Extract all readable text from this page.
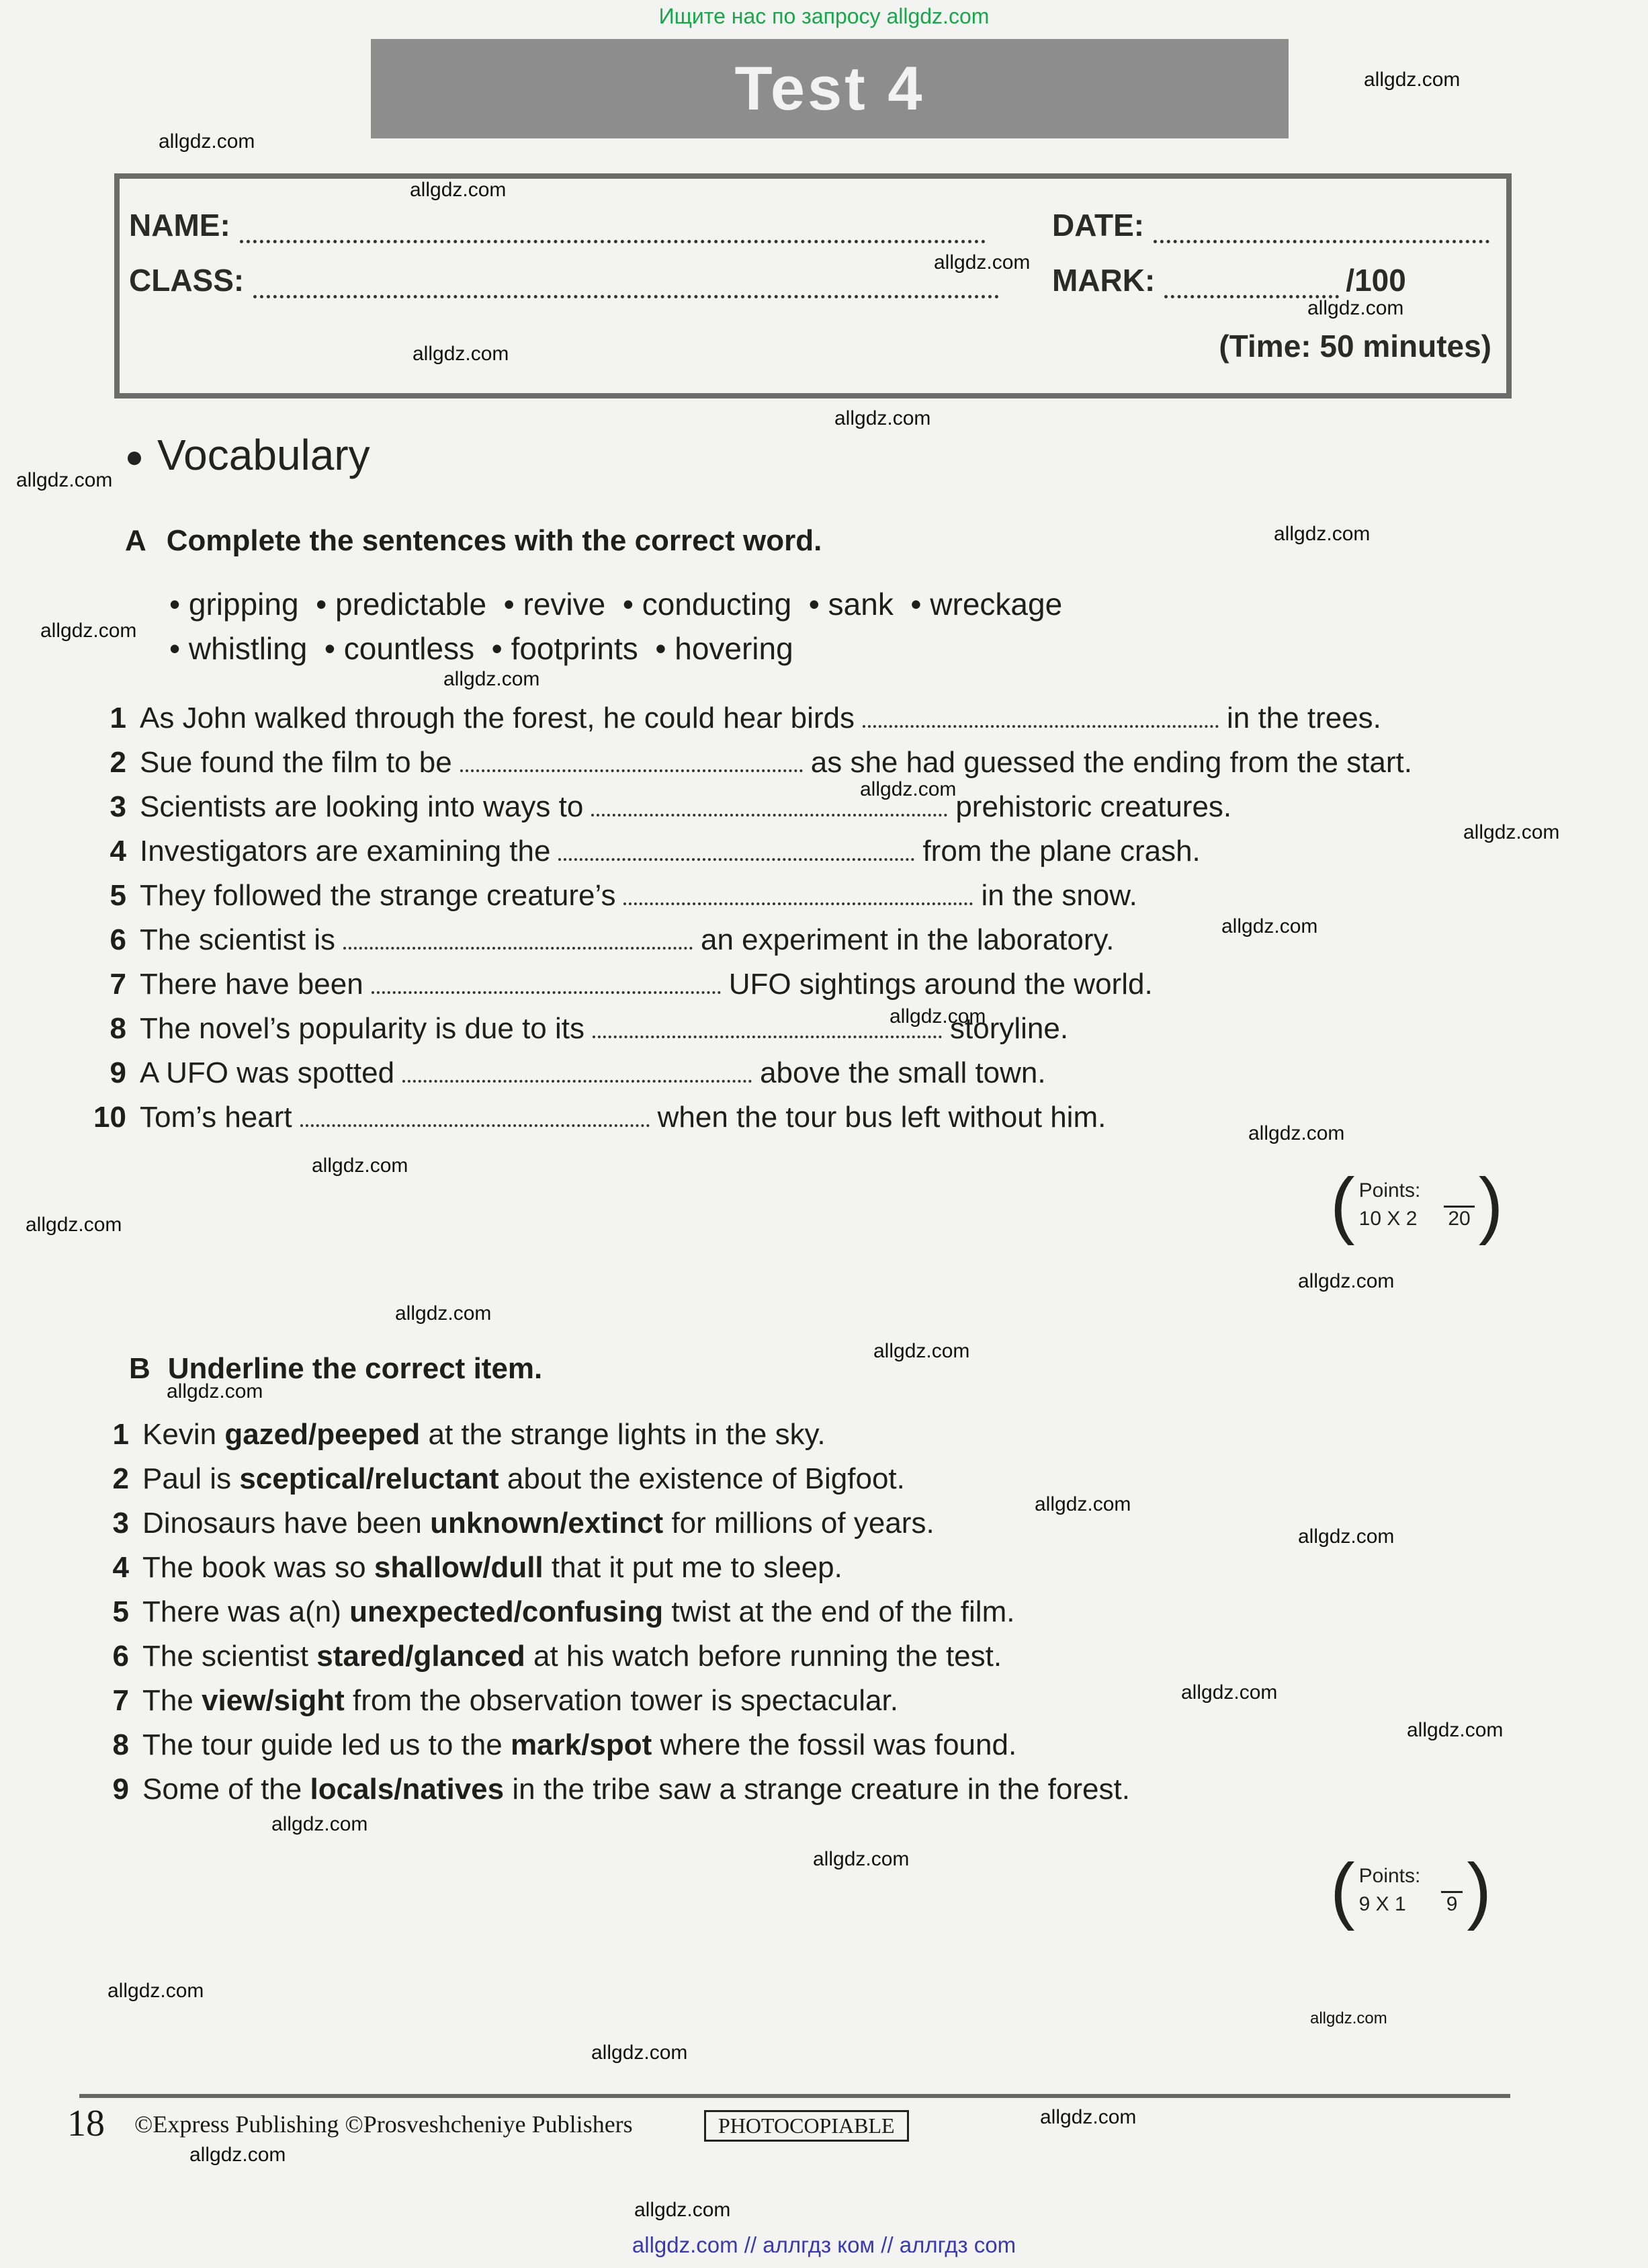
Ищите нас по запросу allgdz.com
Test 4
NAME:	DATE:
CLASS:	MARK:	/100
(Time: 50 minutes)
Vocabulary
A Complete the sentences with the correct word.
• gripping • predictable • revive • conducting • sank • wreckage
• whistling • countless • footprints • hovering
1 As John walked through the forest, he could hear birds	in the trees.
2 Sue found the film to be	as she had guessed the ending from the start.
3 Scientists are looking into ways to	prehistoric creatures.
4 Investigators are examining the	from the plane crash.
5 They followed the strange creature’s	in the snow.
6 The scientist is	an experiment in the laboratory.
7 There have been	UFO sightings around the world.
8 The novel’s popularity is due to its	storyline.
9 A UFO was spotted	above the small town.
10 Tom’s heart	when the tour bus left without him.
( Points:
10 X 2 20 )
B Underline the correct item.
1 Kevin gazed/peeped at the strange lights in the sky.
2 Paul is sceptical/reluctant about the existence of Bigfoot.
3 Dinosaurs have been unknown/extinct for millions of years.
4 The book was so shallow/dull that it put me to sleep.
5 There was a(n) unexpected/confusing twist at the end of the film.
6 The scientist stared/glanced at his watch before running the test.
7 The view/sight from the observation tower is spectacular.
8 The tour guide led us to the mark/spot where the fossil was found.
9 Some of the locals/natives in the tribe saw a strange creature in the forest.
( Points:
9 X 1 9 )
18 ©Express Publishing ©Prosveshcheniye Publishers	PHOTOCOPIABLE
allgdz.com
allgdz.com
allgdz.com
allgdz.com
allgdz.com
allgdz.com
allgdz.com
allgdz.com
allgdz.com
allgdz.com
allgdz.com
allgdz.com
allgdz.com
allgdz.com
allgdz.com
allgdz.com
allgdz.com
allgdz.com
allgdz.com
allgdz.com
allgdz.com
allgdz.com
allgdz.com
allgdz.com
allgdz.com
allgdz.com
allgdz.com
allgdz.com
allgdz.com
allgdz.com
allgdz.com
allgdz.com
allgdz.com
allgdz.com
allgdz.com // аллгдз ком // аллгдз com
